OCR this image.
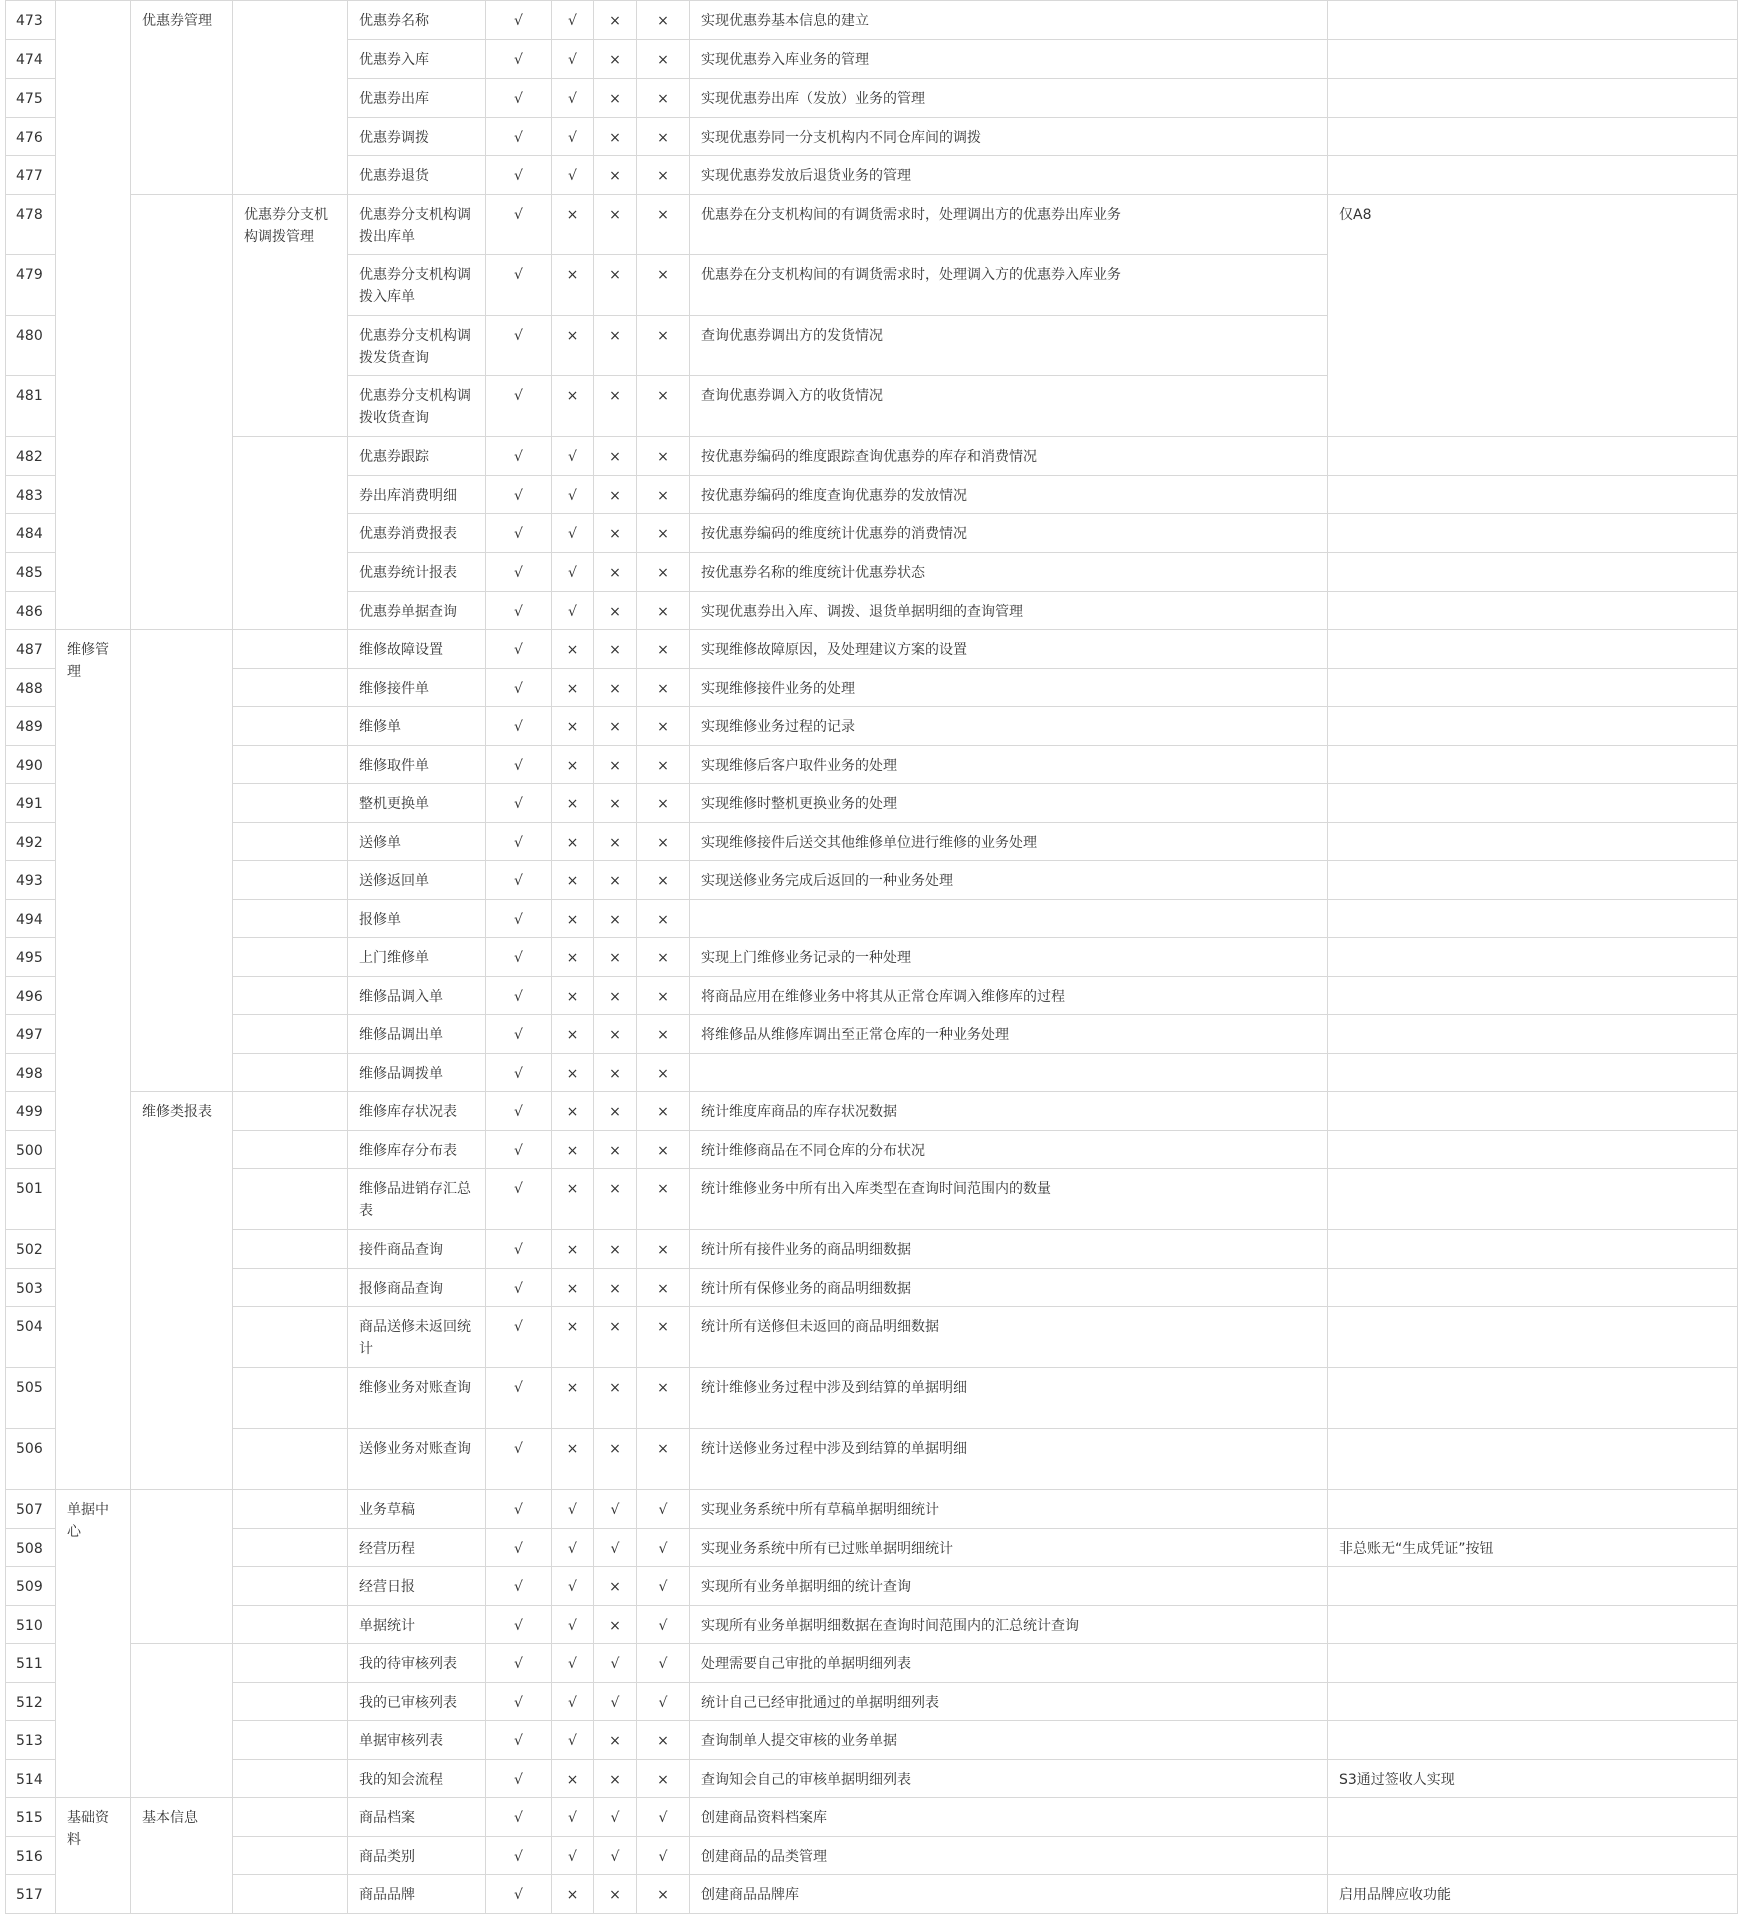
473		优惠券管理		优惠券名称	√	√	×	×	实现优惠券基本信息的建立	
474				优惠券入库	√	√	×	×	实现优惠券入库业务的管理	
475				优惠券出库	√	√	×	×	实现优惠券出库（发放）业务的管理	
476				优惠券调拨	√	√	×	×	实现优惠券同一分支机构内不同仓库间的调拨	
477				优惠券退货	√	√	×	×	实现优惠券发放后退货业务的管理	
478			优惠券分支机构调拨管理	优惠券分支机构调拨出库单	√	×	×	×	优惠券在分支机构间的有调货需求时，处理调出方的优惠券出库业务	仅A8
479				优惠券分支机构调拨入库单	√	×	×	×	优惠券在分支机构间的有调货需求时，处理调入方的优惠券入库业务	
480				优惠券分支机构调拨发货查询	√	×	×	×	查询优惠券调出方的发货情况	
481				优惠券分支机构调拨收货查询	√	×	×	×	查询优惠券调入方的收货情况	
482				优惠券跟踪	√	√	×	×	按优惠券编码的维度跟踪查询优惠券的库存和消费情况	
483				券出库消费明细	√	√	×	×	按优惠券编码的维度查询优惠券的发放情况	
484				优惠券消费报表	√	√	×	×	按优惠券编码的维度统计优惠券的消费情况	
485				优惠券统计报表	√	√	×	×	按优惠券名称的维度统计优惠券状态	
486				优惠券单据查询	√	√	×	×	实现优惠券出入库、调拨、退货单据明细的查询管理	
487	维修管理			维修故障设置	√	×	×	×	实现维修故障原因，及处理建议方案的设置	
488				维修接件单	√	×	×	×	实现维修接件业务的处理	
489				维修单	√	×	×	×	实现维修业务过程的记录	
490				维修取件单	√	×	×	×	实现维修后客户取件业务的处理	
491				整机更换单	√	×	×	×	实现维修时整机更换业务的处理	
492				送修单	√	×	×	×	实现维修接件后送交其他维修单位进行维修的业务处理	
493				送修返回单	√	×	×	×	实现送修业务完成后返回的一种业务处理	
494				报修单	√	×	×	×		
495				上门维修单	√	×	×	×	实现上门维修业务记录的一种处理	
496				维修品调入单	√	×	×	×	将商品应用在维修业务中将其从正常仓库调入维修库的过程	
497				维修品调出单	√	×	×	×	将维修品从维修库调出至正常仓库的一种业务处理	
498				维修品调拨单	√	×	×	×		
499		维修类报表		维修库存状况表	√	×	×	×	统计维度库商品的库存状况数据	
500				维修库存分布表	√	×	×	×	统计维修商品在不同仓库的分布状况	
501				维修品进销存汇总表	√	×	×	×	统计维修业务中所有出入库类型在查询时间范围内的数量	
502				接件商品查询	√	×	×	×	统计所有接件业务的商品明细数据	
503				报修商品查询	√	×	×	×	统计所有保修业务的商品明细数据	
504				商品送修未返回统计	√	×	×	×	统计所有送修但未返回的商品明细数据	
505				维修业务对账查询	√	×	×	×	统计维修业务过程中涉及到结算的单据明细	
506				送修业务对账查询	√	×	×	×	统计送修业务过程中涉及到结算的单据明细	
507	单据中心			业务草稿	√	√	√	√	实现业务系统中所有草稿单据明细统计	
508				经营历程	√	√	√	√	实现业务系统中所有已过账单据明细统计	非总账无“生成凭证”按钮
509				经营日报	√	√	×	√	实现所有业务单据明细的统计查询	
510				单据统计	√	√	×	√	实现所有业务单据明细数据在查询时间范围内的汇总统计查询	
511				我的待审核列表	√	√	√	√	处理需要自己审批的单据明细列表	
512				我的已审核列表	√	√	√	√	统计自己已经审批通过的单据明细列表	
513				单据审核列表	√	√	×	×	查询制单人提交审核的业务单据	
514				我的知会流程	√	×	×	×	查询知会自己的审核单据明细列表	S3通过签收人实现
515	基础资料	基本信息		商品档案	√	√	√	√	创建商品资料档案库	
516				商品类别	√	√	√	√	创建商品的品类管理	
517				商品品牌	√	×	×	×	创建商品品牌库	启用品牌应收功能
